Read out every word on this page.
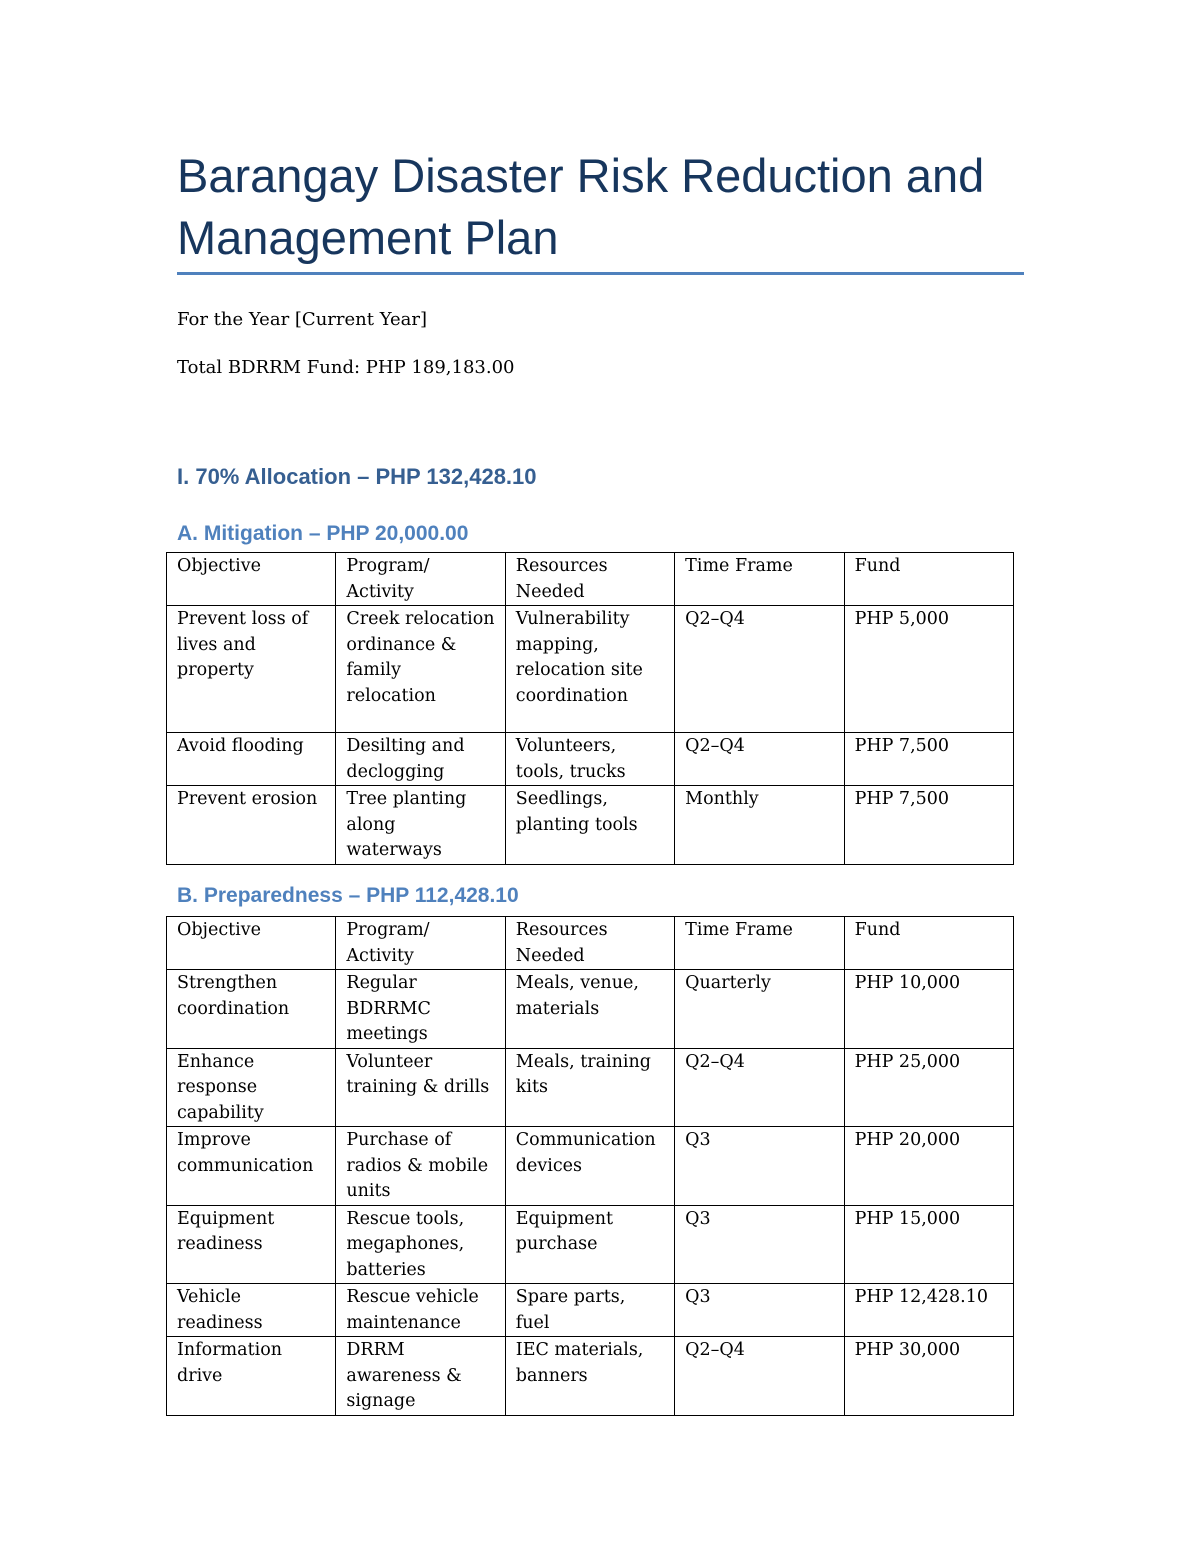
Barangay Disaster Risk Reduction and Management Plan

For the Year [Current Year]

Total BDRRM Fund: PHP 189,183.00

I. 70% Allocation – PHP 132,428.10
A. Mitigation – PHP 20,000.00
Objective	Program/ Activity	Resources Needed	Time Frame	Fund
Prevent loss of lives and property	Creek relocation ordinance & family relocation	Vulnerability mapping, relocation site coordination	Q2–Q4	PHP 5,000
Avoid flooding	Desilting and declogging	Volunteers, tools, trucks	Q2–Q4	PHP 7,500
Prevent erosion	Tree planting along waterways	Seedlings, planting tools	Monthly	PHP 7,500
B. Preparedness – PHP 112,428.10
Objective	Program/ Activity	Resources Needed	Time Frame	Fund
Strengthen coordination	Regular BDRRMC meetings	Meals, venue, materials	Quarterly	PHP 10,000
Enhance response capability	Volunteer training & drills	Meals, training kits	Q2–Q4	PHP 25,000
Improve communication	Purchase of radios & mobile units	Communication devices	Q3	PHP 20,000
Equipment readiness	Rescue tools, megaphones, batteries	Equipment purchase	Q3	PHP 15,000
Vehicle readiness	Rescue vehicle maintenance	Spare parts, fuel	Q3	PHP 12,428.10
Information drive	DRRM awareness & signage	IEC materials, banners	Q2–Q4	PHP 30,000
